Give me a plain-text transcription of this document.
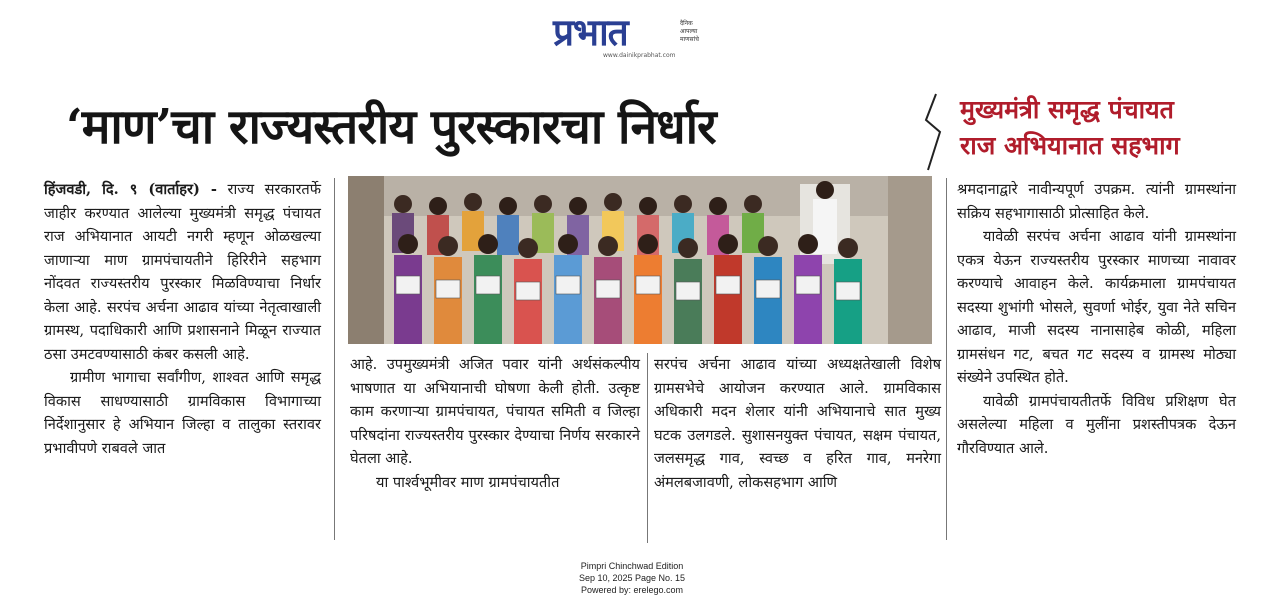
प्रभात	दैनिक
आपल्या
माणसांचे
www.dainikprabhat.com
‘माण’चा राज्यस्तरीय पुरस्कारचा निर्धार	मुख्यमंत्री समृद्ध पंचायत
राज अभियानात सहभाग

हिंजवडी, दि. ९ (वार्ताहर) - राज्य सरकारतर्फे जाहीर करण्यात आलेल्या मुख्यमंत्री समृद्ध पंचायत राज अभियानात आयटी नगरी म्हणून ओळखल्या जाणाऱ्या माण ग्रामपंचायतीने हिरिरीने सहभाग नोंदवत राज्यस्तरीय पुरस्कार मिळविण्याचा निर्धार केला आहे. सरपंच अर्चना आढाव यांच्या नेतृत्वाखाली ग्रामस्थ, पदाधिकारी आणि प्रशासनाने मिळून राज्यात ठसा उमटवण्यासाठी कंबर कसली आहे.

ग्रामीण भागाचा सर्वांगीण, शाश्वत आणि समृद्ध विकास साधण्यासाठी ग्रामविकास विभागाच्या निर्देशानुसार हे अभियान जिल्हा व तालुका स्तरावर प्रभावीपणे राबवले जात

आहे. उपमुख्यमंत्री अजित पवार यांनी अर्थसंकल्पीय भाषणात या अभियानाची घोषणा केली होती. उत्कृष्ट काम करणाऱ्या ग्रामपंचायत, पंचायत समिती व जिल्हा परिषदांना राज्यस्तरीय पुरस्कार देण्याचा निर्णय सरकारने घेतला आहे.

या पार्श्वभूमीवर माण ग्रामपंचायतीत

सरपंच अर्चना आढाव यांच्या अध्यक्षतेखाली विशेष ग्रामसभेचे आयोजन करण्यात आले. ग्रामविकास अधिकारी मदन शेलार यांनी अभियानाचे सात मुख्य घटक उलगडले. सुशासनयुक्त पंचायत, सक्षम पंचायत, जलसमृद्ध गाव, स्वच्छ व हरित गाव, मनरेगा अंमलबजावणी, लोकसहभाग आणि

श्रमदानाद्वारे नावीन्यपूर्ण उपक्रम. त्यांनी ग्रामस्थांना सक्रिय सहभागासाठी प्रोत्साहित केले.

यावेळी सरपंच अर्चना आढाव यांनी ग्रामस्थांना एकत्र येऊन राज्यस्तरीय पुरस्कार माणच्या नावावर करण्याचे आवाहन केले. कार्यक्रमाला ग्रामपंचायत सदस्या शुभांगी भोसले, सुवर्णा भोईर, युवा नेते सचिन आढाव, माजी सदस्य नानासाहेब कोळी, महिला ग्रामसंधन गट, बचत गट सदस्य व ग्रामस्थ मोठ्या संख्येने उपस्थित होते.

यावेळी ग्रामपंचायतीतर्फे विविध प्रशिक्षण घेत असलेल्या महिला व मुलींना प्रशस्तीपत्रक देऊन गौरविण्यात आले.

Pimpri Chinchwad Edition
Sep 10, 2025 Page No. 15
Powered by: erelego.com
